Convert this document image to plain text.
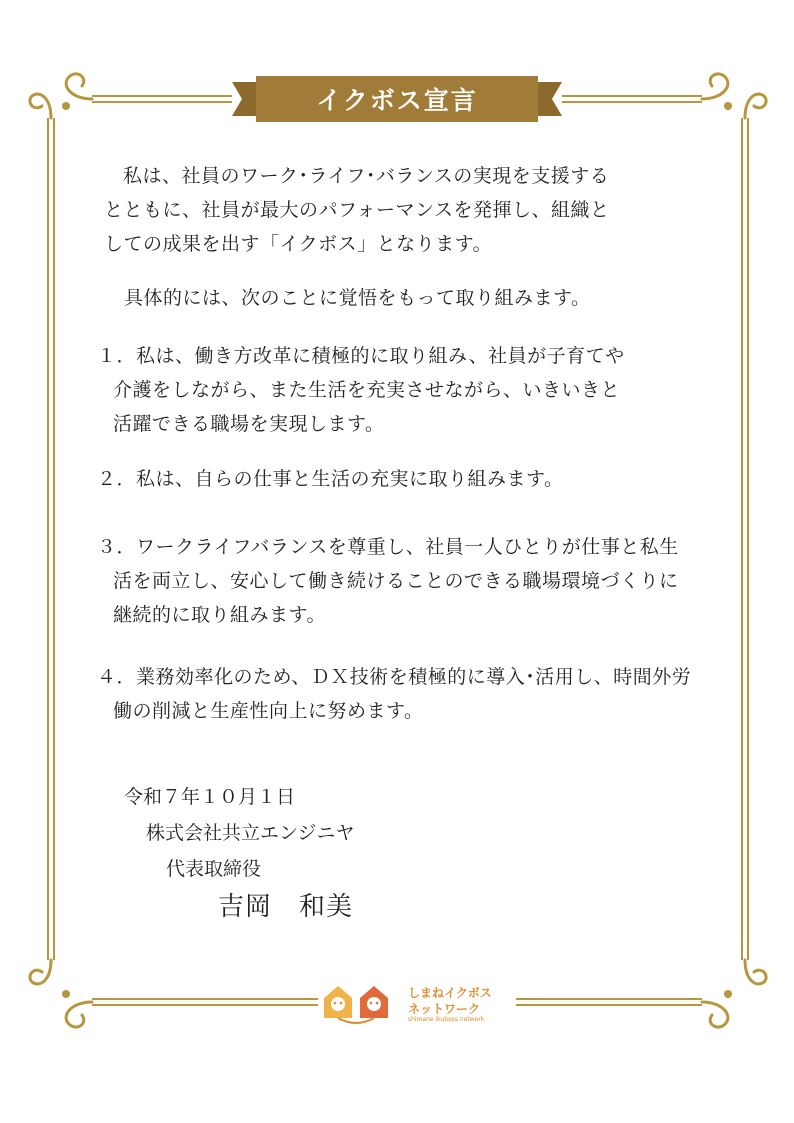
イクボス宣言
私は、社員のワーク･ライフ･バランスの実現を支援する
とともに、社員が最大のパフォーマンスを発揮し、組織と
しての成果を出す「イクボス」となります。
具体的には、次のことに覚悟をもって取り組みます。
１．私は、働き方改革に積極的に取り組み、社員が子育てや
介護をしながら、また生活を充実させながら、いきいきと
活躍できる職場を実現します。
２．私は、自らの仕事と生活の充実に取り組みます。
３．ワークライフバランスを尊重し、社員一人ひとりが仕事と私生
活を両立し、安心して働き続けることのできる職場環境づくりに
継続的に取り組みます。
４．業務効率化のため、ＤＸ技術を積極的に導入･活用し、時間外労
働の削減と生産性向上に努めます。
令和７年１０月１日
株式会社共立エンジニヤ
代表取締役
吉岡　和美
しまねイクボス
ネットワーク
shimane ikuboss network
